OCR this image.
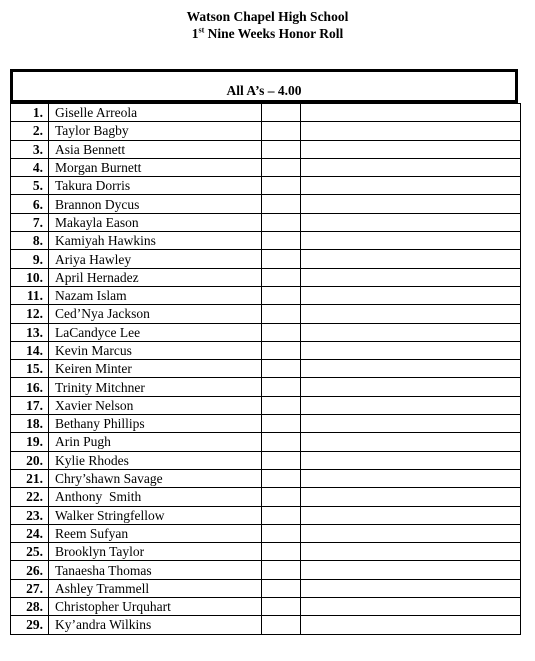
Watson Chapel High School
1st Nine Weeks Honor Roll
All A’s – 4.00
1.	Giselle Arreola		
2.	Taylor Bagby		
3.	Asia Bennett		
4.	Morgan Burnett		
5.	Takura Dorris		
6.	Brannon Dycus		
7.	Makayla Eason		
8.	Kamiyah Hawkins		
9.	Ariya Hawley		
10.	April Hernadez		
11.	Nazam Islam		
12.	Ced’Nya Jackson		
13.	LaCandyce Lee		
14.	Kevin Marcus		
15.	Keiren Minter		
16.	Trinity Mitchner		
17.	Xavier Nelson		
18.	Bethany Phillips		
19.	Arin Pugh		
20.	Kylie Rhodes		
21.	Chry’shawn Savage		
22.	Anthony  Smith		
23.	Walker Stringfellow		
24.	Reem Sufyan		
25.	Brooklyn Taylor		
26.	Tanaesha Thomas		
27.	Ashley Trammell		
28.	Christopher Urquhart		
29.	Ky’andra Wilkins		
